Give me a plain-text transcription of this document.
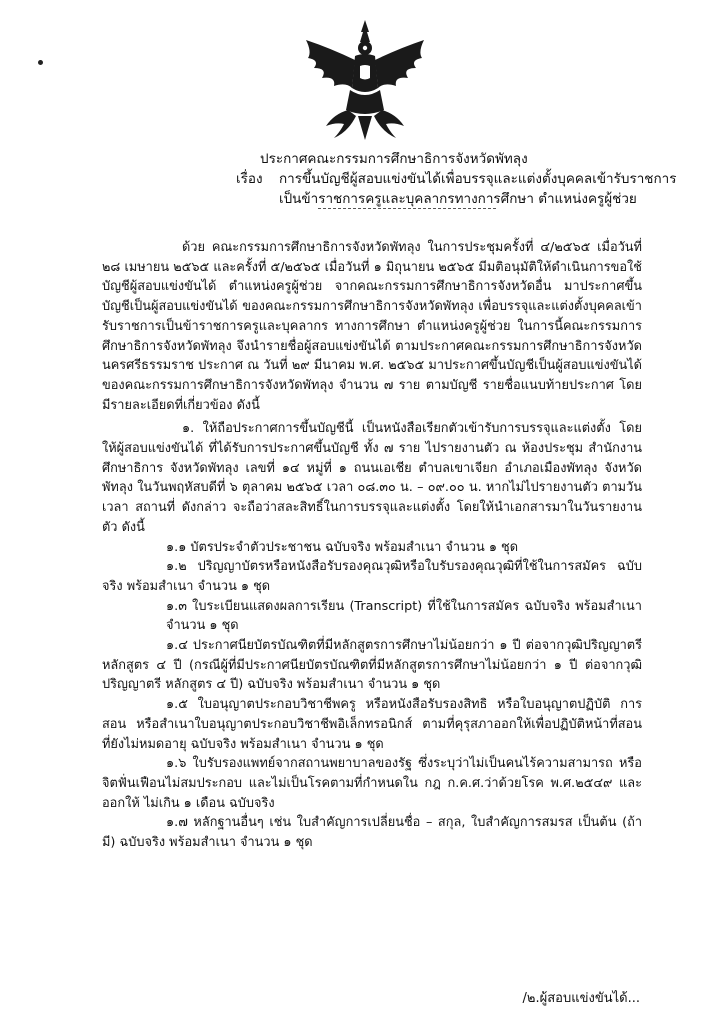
ประกาศคณะกรรมการศึกษาธิการจังหวัดพัทลุง
เรื่อง การขึ้นบัญชีผู้สอบแข่งขันได้เพื่อบรรจุและแต่งตั้งบุคคลเข้ารับราชการ
เป็นข้าราชการครูและบุคลากรทางการศึกษา ตำแหน่งครูผู้ช่วย

ด้วย คณะกรรมการศึกษาธิการจังหวัดพัทลุง ในการประชุมครั้งที่ ๔/๒๕๖๕ เมื่อวันที่ ๒๘ เมษายน ๒๕๖๕ และครั้งที่ ๕/๒๕๖๕ เมื่อวันที่ ๑ มิถุนายน ๒๕๖๕ มีมติอนุมัติให้ดำเนินการขอใช้บัญชีผู้สอบแข่งขันได้ ตำแหน่งครูผู้ช่วย จากคณะกรรมการศึกษาธิการจังหวัดอื่น มาประกาศขึ้นบัญชีเป็นผู้สอบแข่งขันได้ ของคณะกรรมการศึกษาธิการจังหวัดพัทลุง เพื่อบรรจุและแต่งตั้งบุคคลเข้ารับราชการเป็นข้าราชการครูและบุคลากร ทางการศึกษา ตำแหน่งครูผู้ช่วย ในการนี้คณะกรรมการศึกษาธิการจังหวัดพัทลุง จึงนำรายชื่อผู้สอบแข่งขันได้ ตามประกาศคณะกรรมการศึกษาธิการจังหวัดนครศรีธรรมราช ประกาศ ณ วันที่ ๒๙ มีนาคม พ.ศ. ๒๕๖๕ มาประกาศขึ้นบัญชีเป็นผู้สอบแข่งขันได้ของคณะกรรมการศึกษาธิการจังหวัดพัทลุง จำนวน ๗ ราย ตามบัญชี รายชื่อแนบท้ายประกาศ โดยมีรายละเอียดที่เกี่ยวข้อง ดังนี้

๑. ให้ถือประกาศการขึ้นบัญชีนี้ เป็นหนังสือเรียกตัวเข้ารับการบรรจุและแต่งตั้ง โดยให้ผู้สอบแข่งขันได้ ที่ได้รับการประกาศขึ้นบัญชี ทั้ง ๗ ราย ไปรายงานตัว ณ ห้องประชุม สำนักงานศึกษาธิการ จังหวัดพัทลุง เลขที่ ๑๔ หมู่ที่ ๑ ถนนเอเชีย ตำบลเขาเจียก อำเภอเมืองพัทลุง จังหวัดพัทลุง ในวันพฤหัสบดีที่ ๖ ตุลาคม ๒๕๖๕ เวลา ๐๘.๓๐ น. – ๐๙.๐๐ น. หากไม่ไปรายงานตัว ตามวัน เวลา สถานที่ ดังกล่าว จะถือว่าสละสิทธิ์ในการบรรจุและแต่งตั้ง โดยให้นำเอกสารมาในวันรายงานตัว ดังนี้

๑.๑ บัตรประจำตัวประชาชน ฉบับจริง พร้อมสำเนา จำนวน ๑ ชุด

๑.๒ ปริญญาบัตรหรือหนังสือรับรองคุณวุฒิหรือใบรับรองคุณวุฒิที่ใช้ในการสมัคร ฉบับจริง พร้อมสำเนา จำนวน ๑ ชุด

๑.๓ ใบระเบียนแสดงผลการเรียน (Transcript) ที่ใช้ในการสมัคร ฉบับจริง พร้อมสำเนา จำนวน ๑ ชุด

๑.๔ ประกาศนียบัตรบัณฑิตที่มีหลักสูตรการศึกษาไม่น้อยกว่า ๑ ปี ต่อจากวุฒิปริญญาตรี หลักสูตร ๔ ปี (กรณีผู้ที่มีประกาศนียบัตรบัณฑิตที่มีหลักสูตรการศึกษาไม่น้อยกว่า ๑ ปี ต่อจากวุฒิปริญญาตรี หลักสูตร ๔ ปี) ฉบับจริง พร้อมสำเนา จำนวน ๑ ชุด

๑.๕ ใบอนุญาตประกอบวิชาชีพครู หรือหนังสือรับรองสิทธิ หรือใบอนุญาตปฏิบัติ การสอน หรือสำเนาใบอนุญาตประกอบวิชาชีพอิเล็กทรอนิกส์ ตามที่คุรุสภาออกให้เพื่อปฏิบัติหน้าที่สอน ที่ยังไม่หมดอายุ ฉบับจริง พร้อมสำเนา จำนวน ๑ ชุด

๑.๖ ใบรับรองแพทย์จากสถานพยาบาลของรัฐ ซึ่งระบุว่าไม่เป็นคนไร้ความสามารถ หรือจิตฟั่นเฟือนไม่สมประกอบ และไม่เป็นโรคตามที่กำหนดใน กฎ ก.ค.ศ.ว่าด้วยโรค พ.ศ.๒๕๔๙ และออกให้ ไม่เกิน ๑ เดือน ฉบับจริง

๑.๗ หลักฐานอื่นๆ เช่น ใบสำคัญการเปลี่ยนชื่อ – สกุล, ใบสำคัญการสมรส เป็นต้น (ถ้ามี) ฉบับจริง พร้อมสำเนา จำนวน ๑ ชุด

/๒.ผู้สอบแข่งขันได้...
